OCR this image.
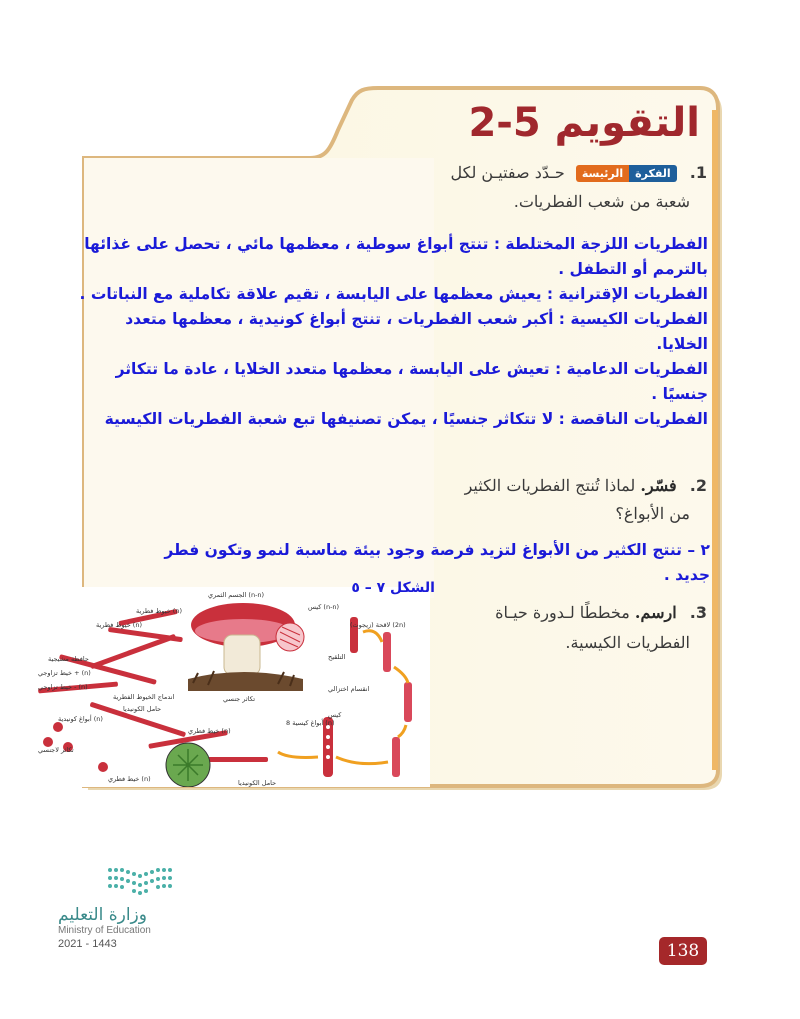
التقويم 5-2
1.
الفكرة
الرئيسة
حـدّد صفتيـن لكل
شعبة من شعب الفطريات.

الفطريات اللزجة المختلطة : تنتج أبواغ سوطية ، معظمها مائي ، تحصل على غذائها

بالترمم أو التطفل .

الفطريات الإقترانية : يعيش معظمها على اليابسة ، تقيم علاقة تكاملية مع النباتات .

الفطريات الكيسية : أكبر شعب الفطريات ، تنتج أبواغ كونيدية ، معظمها متعدد

الخلايا.

الفطريات الدعامية : تعيش على اليابسة ، معظمها متعدد الخلايا ، عادة ما تتكاثر

جنسيًا .

الفطريات الناقصة : لا تتكاثر جنسيًا ، يمكن تصنيفها تبع شعبة الفطريات الكيسية

2. فسّر. لماذا تُنتج الفطريات الكثير
من الأبواغ؟

٢ – تنتج الكثير من الأبواغ لتزيد فرصة وجود بيئة مناسبة لنمو وتكون فطر

جديد .

3. ارسم. مخططًا لـدورة حيـاة
الفطريات الكيسية.
الجسم الثمري (n-n)
خيوط فطرية (n)
خيوط فطرية (n)
كيس (n-n)
لاقحة (زيجوت) (2n)
التلقيح
انقسام اختزالي
كيس
8 أبواغ كيسية (n)
تكاثر جنسي
حافظة مشيجية
خيط تزاوجي + (n)
خيط تزاوجي - (n)
اندماج الخيوط الفطرية
حامل الكونيديا
أبواغ كونيدية (n)
تكاثر لاجنسي
خيط فطري (n)
خيط فطري (n)
حامل الكونيديا
الشكل ٧ – ٥
وزارة التعليم
Ministry of Education
2021 - 1443	138
